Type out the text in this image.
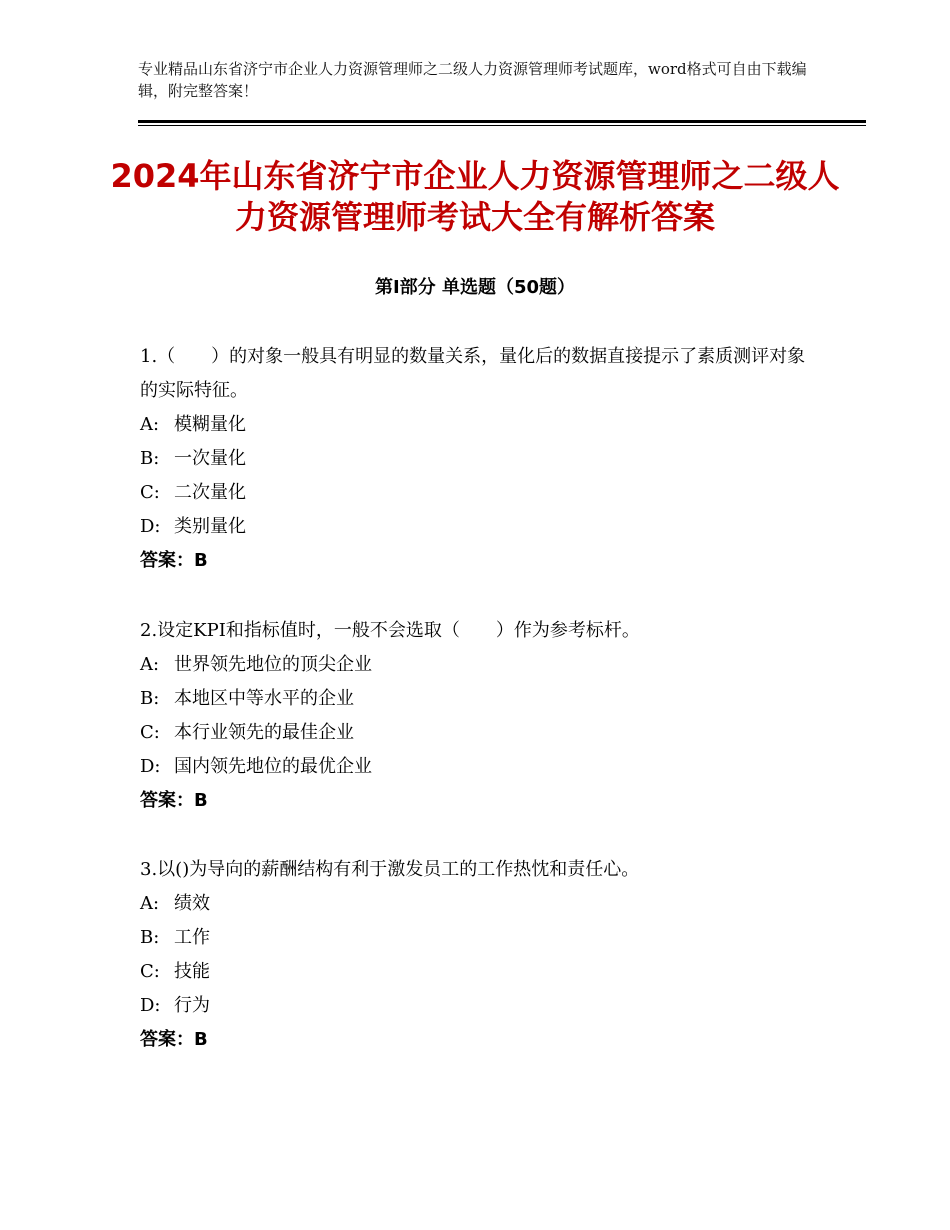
专业精品山东省济宁市企业人力资源管理师之二级人力资源管理师考试题库，word格式可自由下载编辑，附完整答案！
2024年山东省济宁市企业人力资源管理师之二级人力资源管理师考试大全有解析答案
第Ⅰ部分 单选题（50题）
1.（　　）的对象一般具有明显的数量关系，量化后的数据直接提示了素质测评对象的实际特征。
A: 模糊量化
B: 一次量化
C: 二次量化
D: 类别量化
答案：B
2.设定KPI和指标值时，一般不会选取（　　）作为参考标杆。
A: 世界领先地位的顶尖企业
B: 本地区中等水平的企业
C: 本行业领先的最佳企业
D: 国内领先地位的最优企业
答案：B
3.以()为导向的薪酬结构有利于激发员工的工作热忱和责任心。
A: 绩效
B: 工作
C: 技能
D: 行为
答案：B
